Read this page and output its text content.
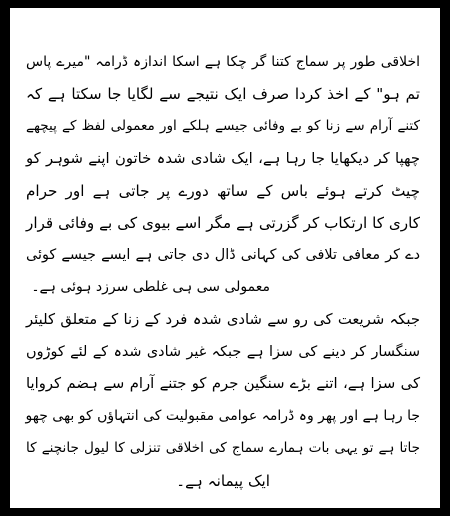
اخلاقی طور پر سماج کتنا گر چکا ہے اسکا اندازہ ڈرامہ "میرے پاس
تم ہو" کے اخذ کردا صرف ایک نتیجے سے لگایا جا سکتا ہے کہ
کتنے آرام سے زنا کو بے وفائی جیسے ہلکے اور معمولی لفظ کے پیچھے
چھپا کر دیکھایا جا رہا ہے، ایک شادی شدہ خاتون اپنے شوہر کو
چیٹ کرتے ہوئے باس کے ساتھ دورے پر جاتی ہے اور حرام
کاری کا ارتکاب کر گزرتی ہے مگر اسے بیوی کی بے وفائی قرار
دے کر معافی تلافی کی کہانی ڈال دی جاتی ہے ایسے جیسے کوئی
معمولی سی ہی غلطی سرزد ہوئی ہے۔

جبکہ شریعت کی رو سے شادی شدہ فرد کے زنا کے متعلق کلیئر
سنگسار کر دینے کی سزا ہے جبکہ غیر شادی شدہ کے لئے کوڑوں
کی سزا ہے، اتنے بڑے سنگین جرم کو جتنے آرام سے ہضم کروایا
جا رہا ہے اور پھر وہ ڈرامہ عوامی مقبولیت کی انتہاؤں کو بھی چھو
جاتا ہے تو یہی بات ہمارے سماج کی اخلاقی تنزلی کا لیول جانچنے کا
ایک پیمانہ ہے۔
